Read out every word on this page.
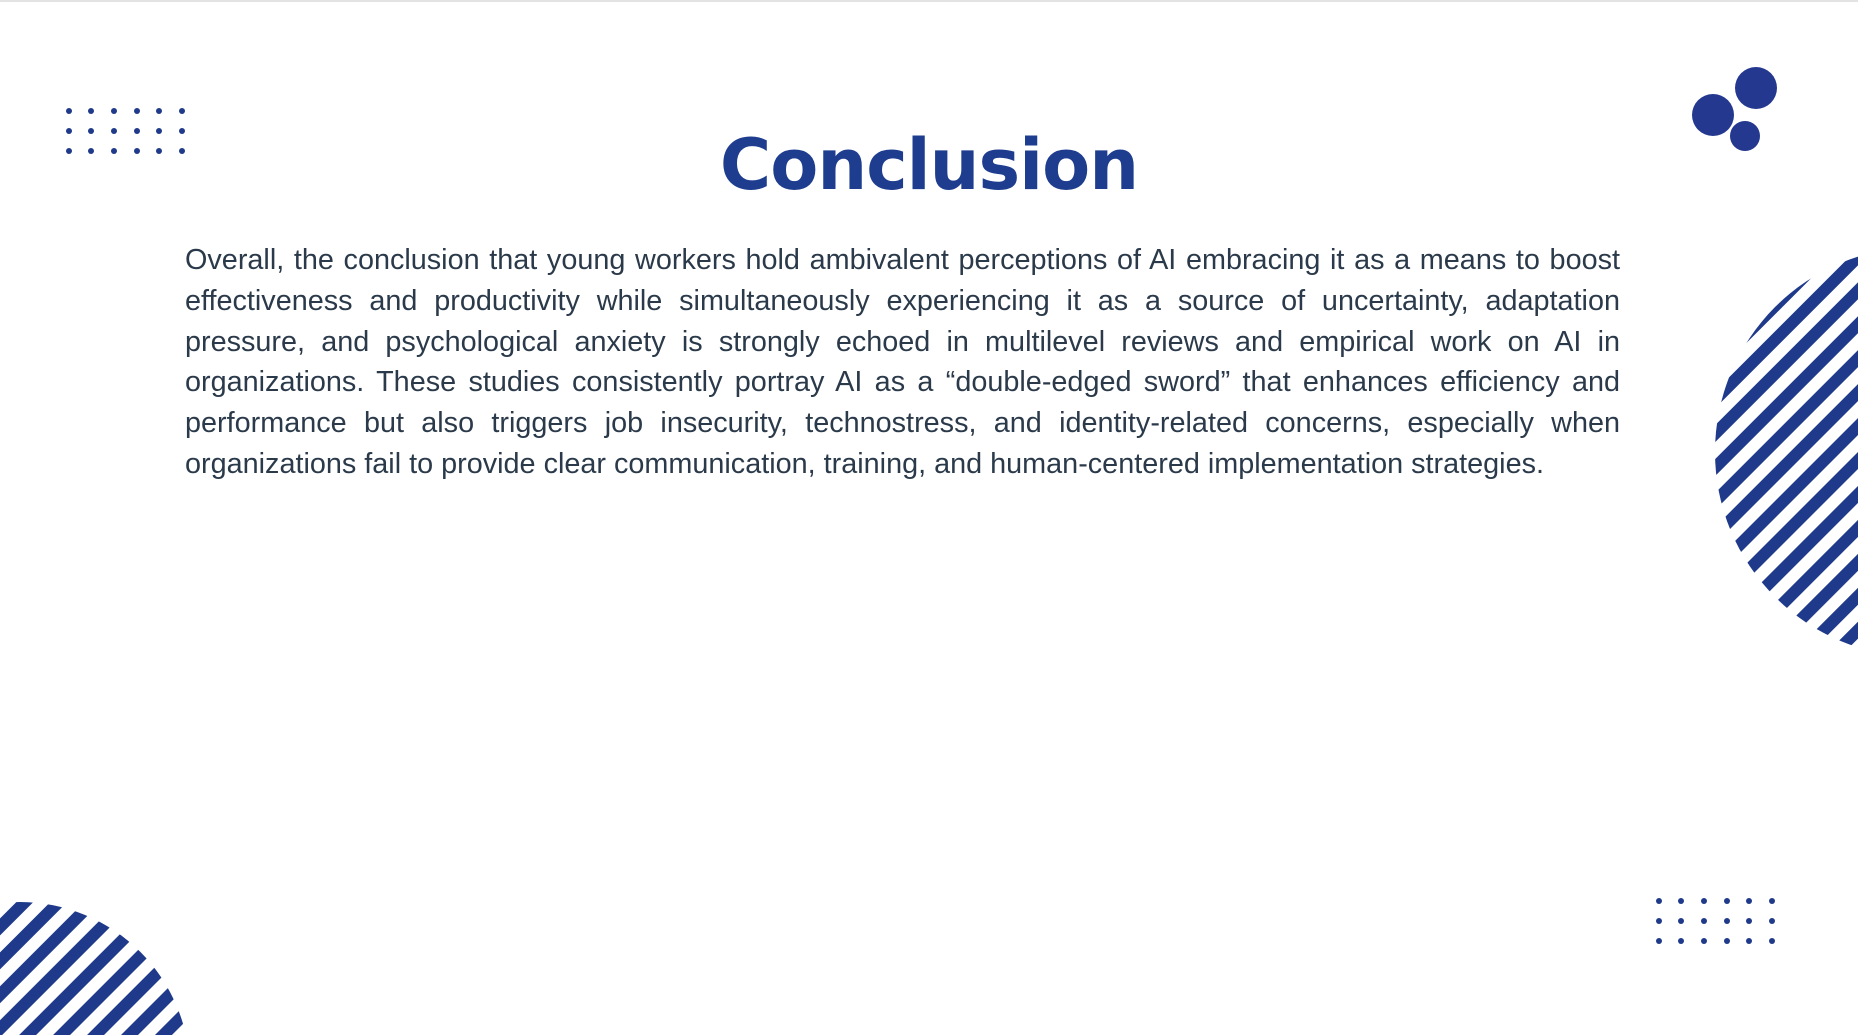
Conclusion

Overall, the conclusion that young workers hold ambivalent perceptions of AI embracing it as a means to boost effectiveness and productivity while simultaneously experiencing it as a source of uncertainty, adaptation pressure, and psychological anxiety is strongly echoed in multilevel reviews and empirical work on AI in organizations. These studies consistently portray AI as a “double-edged sword” that enhances efficiency and performance but also triggers job insecurity, technostress, and identity-related concerns, especially when organizations fail to provide clear communication, training, and human-centered implementation strategies.
